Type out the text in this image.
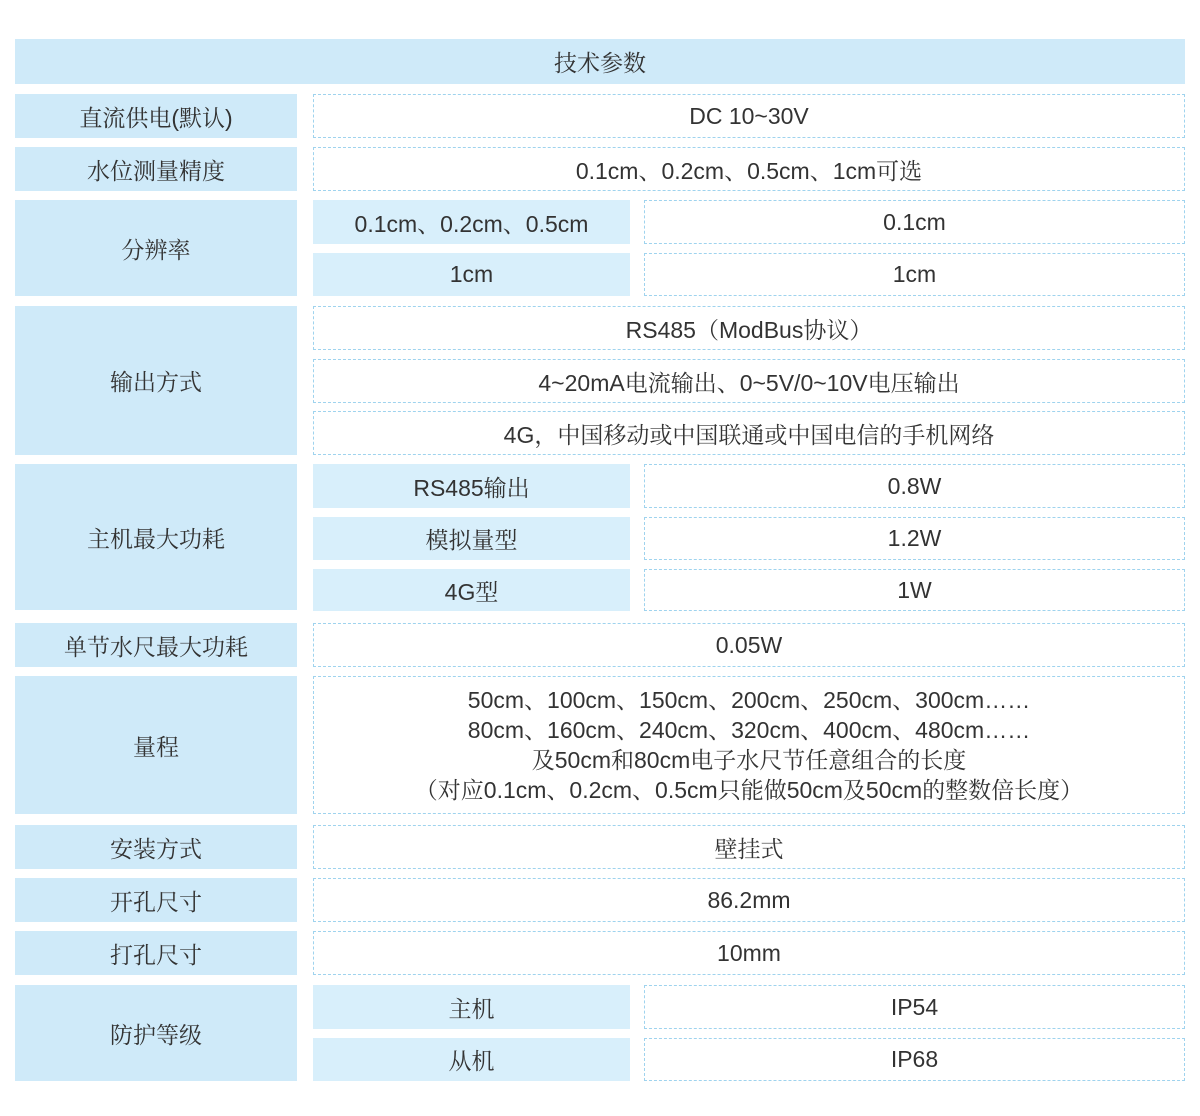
技术参数
直流供电(默认)	DC 10~30V
水位测量精度	0.1cm、0.2cm、0.5cm、1cm可选
分辨率
0.1cm、0.2cm、0.5cm	0.1cm
1cm	1cm
输出方式
RS485（ModBus协议）
4~20mA电流输出、0~5V/0~10V电压输出
4G，中国移动或中国联通或中国电信的手机网络
主机最大功耗
RS485输出	0.8W
模拟量型	1.2W
4G型	1W
单节水尺最大功耗	0.05W
量程
50cm、100cm、150cm、200cm、250cm、300cm……
80cm、160cm、240cm、320cm、400cm、480cm……
及50cm和80cm电子水尺节任意组合的长度
（对应0.1cm、0.2cm、0.5cm只能做50cm及50cm的整数倍长度）
安装方式	壁挂式
开孔尺寸	86.2mm
打孔尺寸	10mm
防护等级
主机	IP54
从机	IP68
